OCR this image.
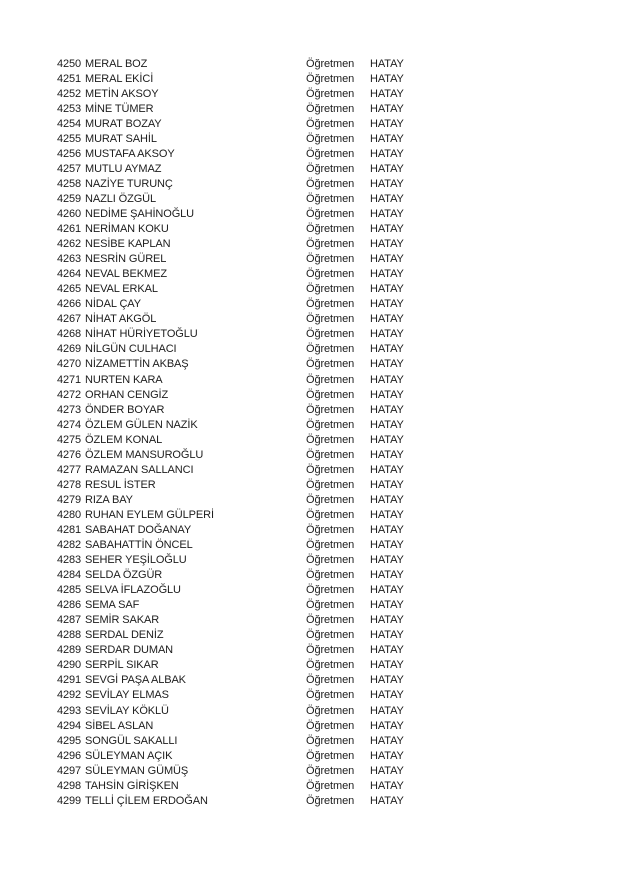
4250 MERAL BOZ	Öğretmen	HATAY
4251 MERAL EKİCİ	Öğretmen	HATAY
4252 METİN AKSOY	Öğretmen	HATAY
4253 MİNE TÜMER	Öğretmen	HATAY
4254 MURAT BOZAY	Öğretmen	HATAY
4255 MURAT SAHİL	Öğretmen	HATAY
4256 MUSTAFA AKSOY	Öğretmen	HATAY
4257 MUTLU AYMAZ	Öğretmen	HATAY
4258 NAZİYE TURUNÇ	Öğretmen	HATAY
4259 NAZLI ÖZGÜL	Öğretmen	HATAY
4260 NEDİME ŞAHİNOĞLU	Öğretmen	HATAY
4261 NERİMAN KOKU	Öğretmen	HATAY
4262 NESİBE KAPLAN	Öğretmen	HATAY
4263 NESRİN GÜREL	Öğretmen	HATAY
4264 NEVAL BEKMEZ	Öğretmen	HATAY
4265 NEVAL ERKAL	Öğretmen	HATAY
4266 NİDAL ÇAY	Öğretmen	HATAY
4267 NİHAT AKGÖL	Öğretmen	HATAY
4268 NİHAT HÜRİYETOĞLU	Öğretmen	HATAY
4269 NİLGÜN CULHACI	Öğretmen	HATAY
4270 NİZAMETTİN AKBAŞ	Öğretmen	HATAY
4271 NURTEN KARA	Öğretmen	HATAY
4272 ORHAN CENGİZ	Öğretmen	HATAY
4273 ÖNDER BOYAR	Öğretmen	HATAY
4274 ÖZLEM GÜLEN NAZİK	Öğretmen	HATAY
4275 ÖZLEM KONAL	Öğretmen	HATAY
4276 ÖZLEM MANSUROĞLU	Öğretmen	HATAY
4277 RAMAZAN SALLANCI	Öğretmen	HATAY
4278 RESUL İSTER	Öğretmen	HATAY
4279 RIZA BAY	Öğretmen	HATAY
4280 RUHAN EYLEM GÜLPERİ	Öğretmen	HATAY
4281 SABAHAT DOĞANAY	Öğretmen	HATAY
4282 SABAHATTİN ÖNCEL	Öğretmen	HATAY
4283 SEHER YEŞİLOĞLU	Öğretmen	HATAY
4284 SELDA ÖZGÜR	Öğretmen	HATAY
4285 SELVA İFLAZOĞLU	Öğretmen	HATAY
4286 SEMA SAF	Öğretmen	HATAY
4287 SEMİR SAKAR	Öğretmen	HATAY
4288 SERDAL DENİZ	Öğretmen	HATAY
4289 SERDAR DUMAN	Öğretmen	HATAY
4290 SERPİL SIKAR	Öğretmen	HATAY
4291 SEVGİ PAŞA ALBAK	Öğretmen	HATAY
4292 SEVİLAY ELMAS	Öğretmen	HATAY
4293 SEVİLAY KÖKLÜ	Öğretmen	HATAY
4294 SİBEL ASLAN	Öğretmen	HATAY
4295 SONGÜL SAKALLI	Öğretmen	HATAY
4296 SÜLEYMAN AÇIK	Öğretmen	HATAY
4297 SÜLEYMAN GÜMÜŞ	Öğretmen	HATAY
4298 TAHSİN GİRİŞKEN	Öğretmen	HATAY
4299 TELLİ ÇİLEM ERDOĞAN	Öğretmen	HATAY
